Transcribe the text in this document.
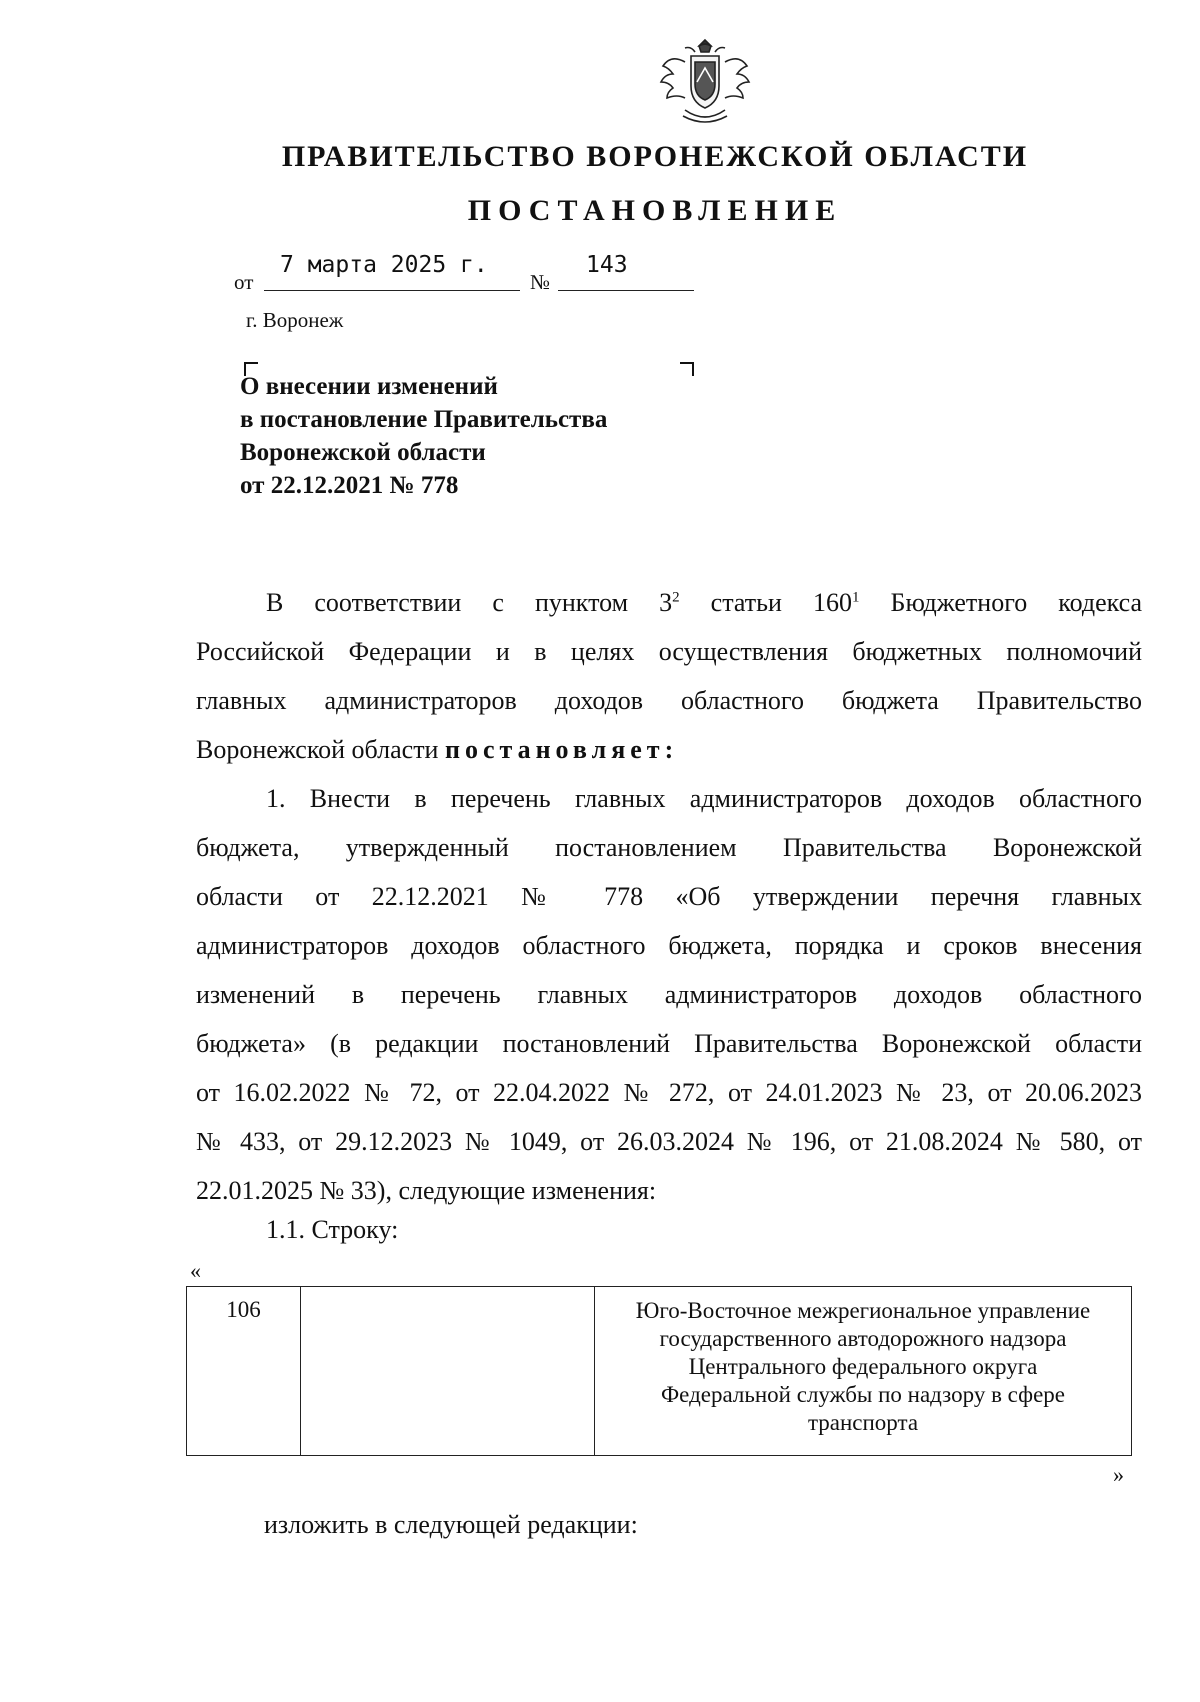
ПРАВИТЕЛЬСТВО ВОРОНЕЖСКОЙ ОБЛАСТИ
ПОСТАНОВЛЕНИЕ
от
7 марта 2025 г.
№
143
г. Воронеж
О внесении изменений
в постановление Правительства
Воронежской области
от 22.12.2021 № 778
В соответствии с пунктом $3^2$ статьи $160^1$ Бюджетного кодекса
Российской Федерации и в целях осуществления бюджетных полномочий
главных администраторов доходов областного бюджета Правительство
Воронежской области постановляет:
1. Внести в перечень главных администраторов доходов областного
бюджета, утвержденный постановлением Правительства Воронежской
области от 22.12.2021 № 778 «Об утверждении перечня главных
администраторов доходов областного бюджета, порядка и сроков внесения
изменений в перечень главных администраторов доходов областного
бюджета» (в редакции постановлений Правительства Воронежской области
от 16.02.2022 № 72, от 22.04.2022 № 272, от 24.01.2023 № 23, от 20.06.2023
№ 433, от 29.12.2023 № 1049, от 26.03.2024 № 196, от 21.08.2024 № 580, от
22.01.2025 № 33), следующие изменения:
1.1. Строку:
«
106		Юго-Восточное межрегиональное управление
государственного автодорожного надзора
Центрального федерального округа
Федеральной службы по надзору в сфере
транспорта
»
изложить в следующей редакции:
